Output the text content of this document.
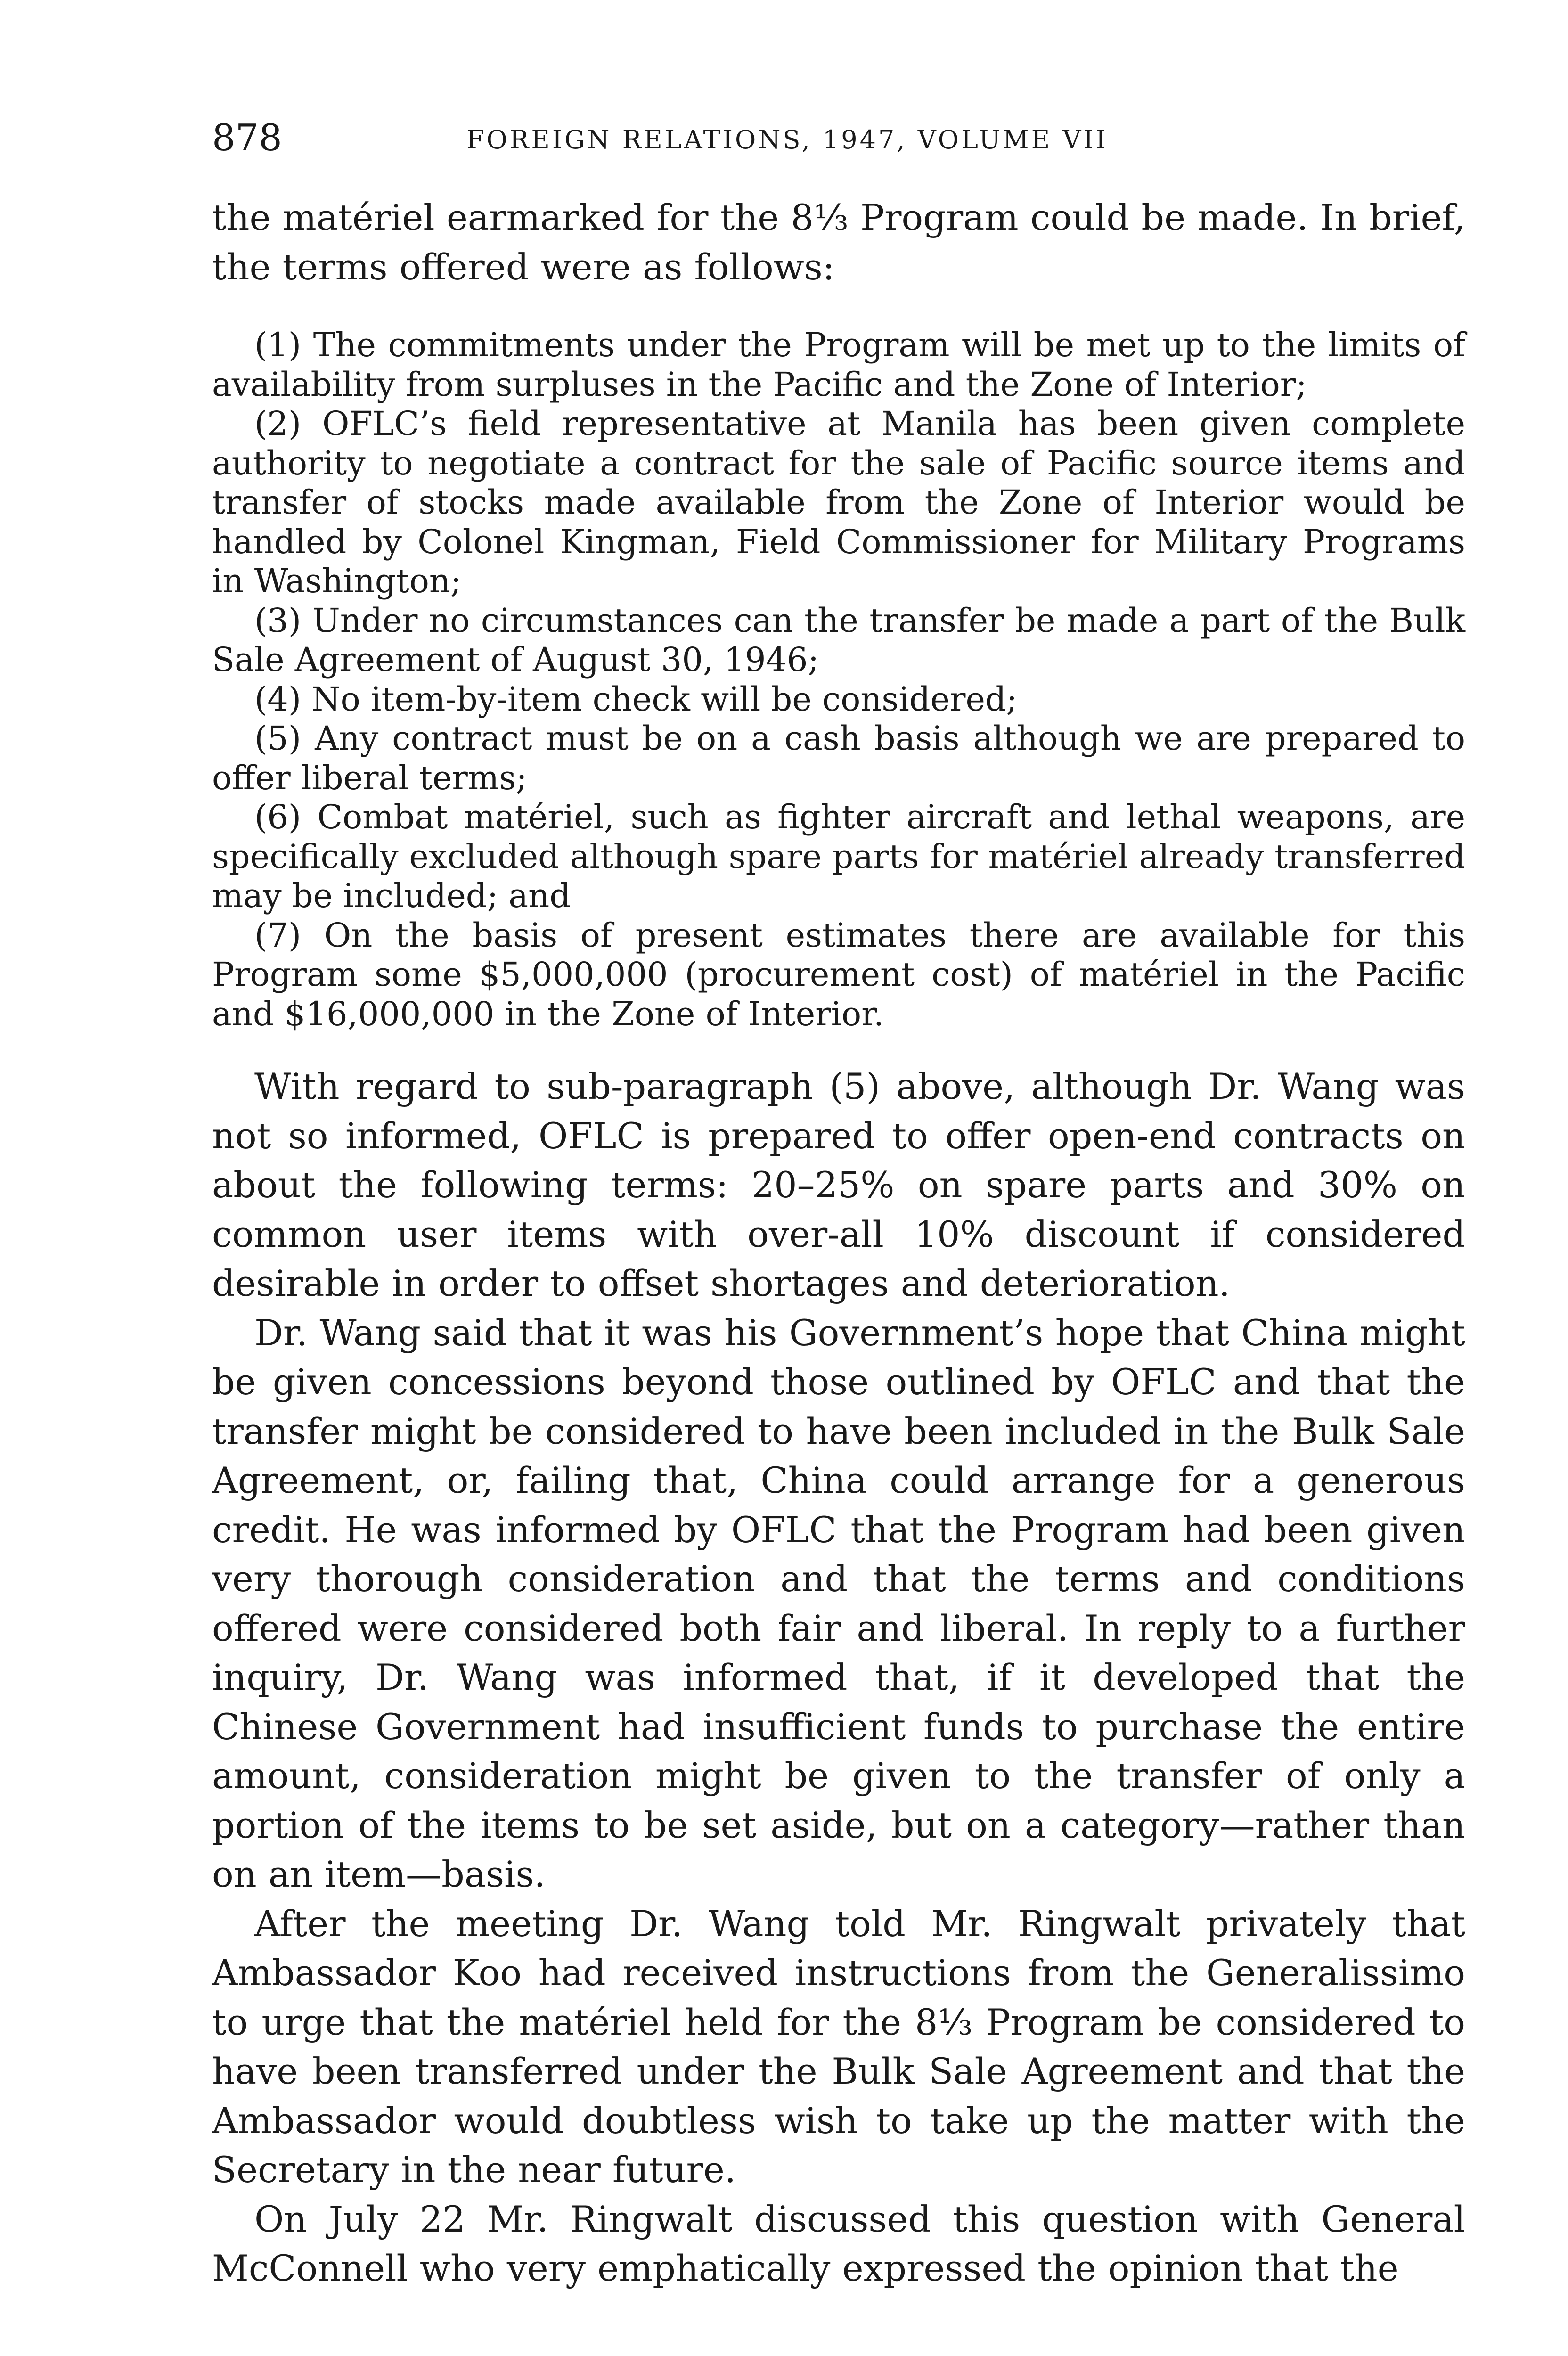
878	FOREIGN RELATIONS, 1947, VOLUME VII

the matériel earmarked for the 8⅓ Program could be made. In brief, the terms offered were as follows:

(1) The commitments under the Program will be met up to the limits of availability from surpluses in the Pacific and the Zone of Interior;

(2) OFLC’s field representative at Manila has been given complete authority to negotiate a contract for the sale of Pacific source items and transfer of stocks made available from the Zone of Interior would be handled by Colonel Kingman, Field Commissioner for Military Programs in Washington;

(3) Under no circumstances can the transfer be made a part of the Bulk Sale Agreement of August 30, 1946;

(4) No item-by-item check will be considered;

(5) Any contract must be on a cash basis although we are prepared to offer liberal terms;

(6) Combat matériel, such as fighter aircraft and lethal weapons, are specifically excluded although spare parts for matériel already transferred may be included; and

(7) On the basis of present estimates there are available for this Program some $5,000,000 (procurement cost) of matériel in the Pacific and $16,000,000 in the Zone of Interior.

With regard to sub-paragraph (5) above, although Dr. Wang was not so informed, OFLC is prepared to offer open-end contracts on about the following terms: 20–25% on spare parts and 30% on common user items with over-all 10% discount if considered desirable in order to offset shortages and deterioration.

Dr. Wang said that it was his Government’s hope that China might be given concessions beyond those outlined by OFLC and that the transfer might be considered to have been included in the Bulk Sale Agreement, or, failing that, China could arrange for a generous credit. He was informed by OFLC that the Program had been given very thorough consideration and that the terms and conditions offered were considered both fair and liberal. In reply to a further inquiry, Dr. Wang was informed that, if it developed that the Chinese Government had insufficient funds to purchase the entire amount, consideration might be given to the transfer of only a portion of the items to be set aside, but on a category—rather than on an item—basis.

After the meeting Dr. Wang told Mr. Ringwalt privately that Ambassador Koo had received instructions from the Generalissimo to urge that the matériel held for the 8⅓ Program be considered to have been transferred under the Bulk Sale Agreement and that the Ambassador would doubtless wish to take up the matter with the Secretary in the near future.

On July 22 Mr. Ringwalt discussed this question with General McConnell who very emphatically expressed the opinion that the
